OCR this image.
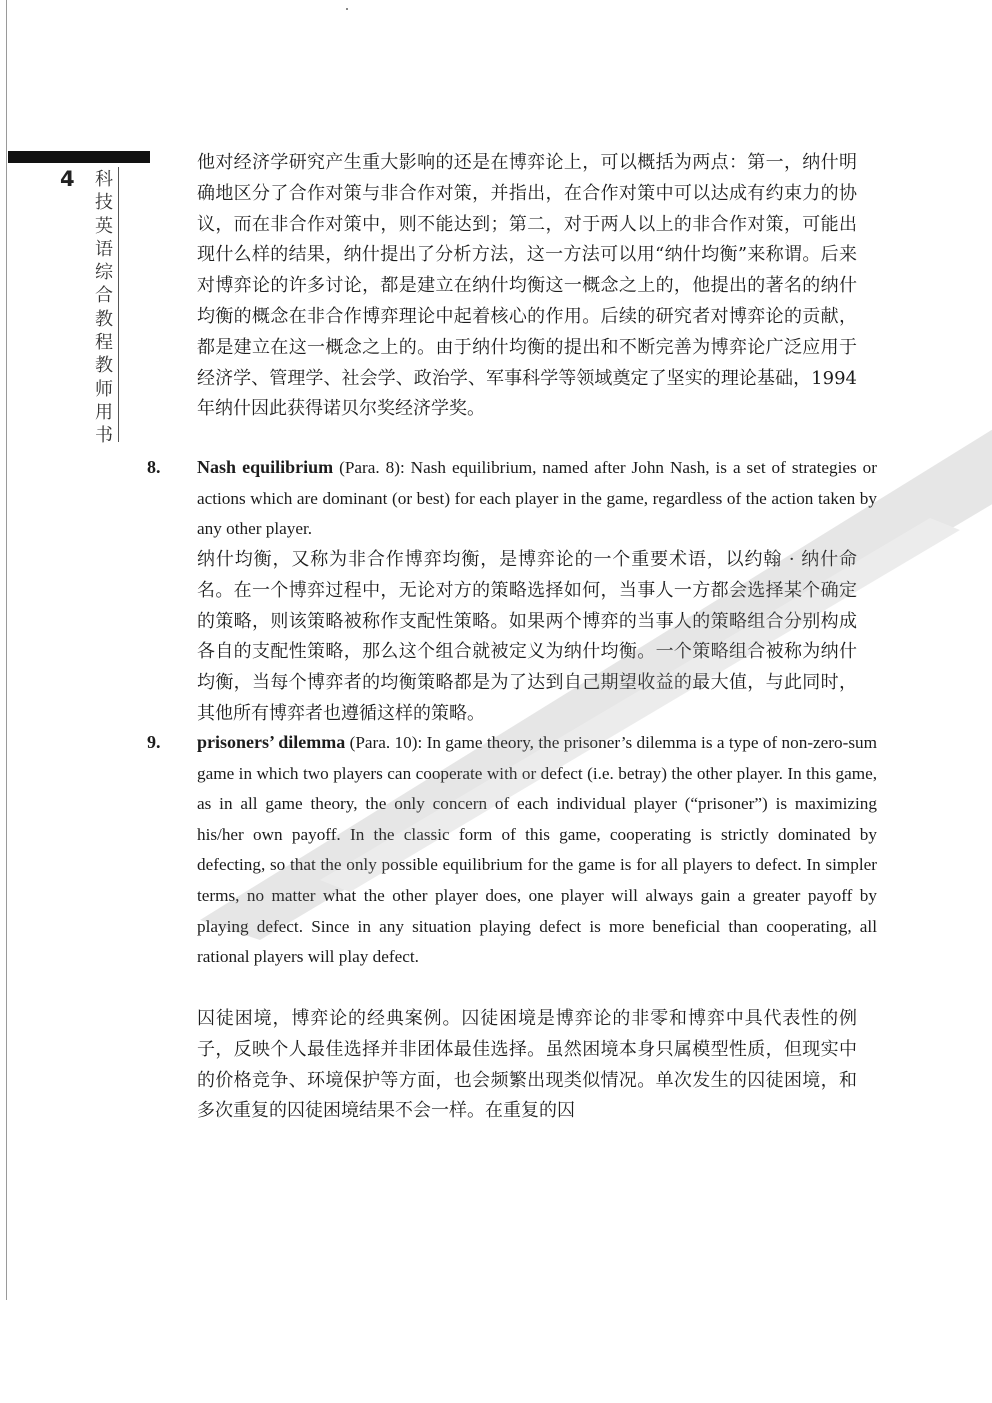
4 科技英语综合教程教师用书

他对经济学研究产生重大影响的还是在博弈论上，可以概括为两点：第一，纳什明确地区分了合作对策与非合作对策，并指出，在合作对策中可以达成有约束力的协议，而在非合作对策中，则不能达到；第二，对于两人以上的非合作对策，可能出现什么样的结果，纳什提出了分析方法，这一方法可以用“纳什均衡”来称谓。后来对博弈论的许多讨论，都是建立在纳什均衡这一概念之上的，他提出的著名的纳什均衡的概念在非合作博弈理论中起着核心的作用。后续的研究者对博弈论的贡献，都是建立在这一概念之上的。由于纳什均衡的提出和不断完善为博弈论广泛应用于经济学、管理学、社会学、政治学、军事科学等领域奠定了坚实的理论基础，1994年纳什因此获得诺贝尔奖经济学奖。

8. Nash equilibrium (Para. 8): Nash equilibrium, named after John Nash, is a set of strategies or actions which are dominant (or best) for each player in the game, regardless of the action taken by any other player.

纳什均衡，又称为非合作博弈均衡，是博弈论的一个重要术语，以约翰 · 纳什命名。在一个博弈过程中，无论对方的策略选择如何，当事人一方都会选择某个确定的策略，则该策略被称作支配性策略。如果两个博弈的当事人的策略组合分别构成各自的支配性策略，那么这个组合就被定义为纳什均衡。一个策略组合被称为纳什均衡，当每个博弈者的均衡策略都是为了达到自己期望收益的最大值，与此同时，其他所有博弈者也遵循这样的策略。

9. prisoners’ dilemma (Para. 10): In game theory, the prisoner’s dilemma is a type of non-zero-sum game in which two players can cooperate with or defect (i.e. betray) the other player. In this game, as in all game theory, the only concern of each individual player (“prisoner”) is maximizing his/her own payoff. In the classic form of this game, cooperating is strictly dominated by defecting, so that the only possible equilibrium for the game is for all players to defect. In simpler terms, no matter what the other player does, one player will always gain a greater payoff by playing defect. Since in any situation playing defect is more beneficial than cooperating, all rational players will play defect.

囚徒困境，博弈论的经典案例。囚徒困境是博弈论的非零和博弈中具代表性的例子，反映个人最佳选择并非团体最佳选择。虽然困境本身只属模型性质，但现实中的价格竞争、环境保护等方面，也会频繁出现类似情况。单次发生的囚徒困境，和多次重复的囚徒困境结果不会一样。在重复的囚
